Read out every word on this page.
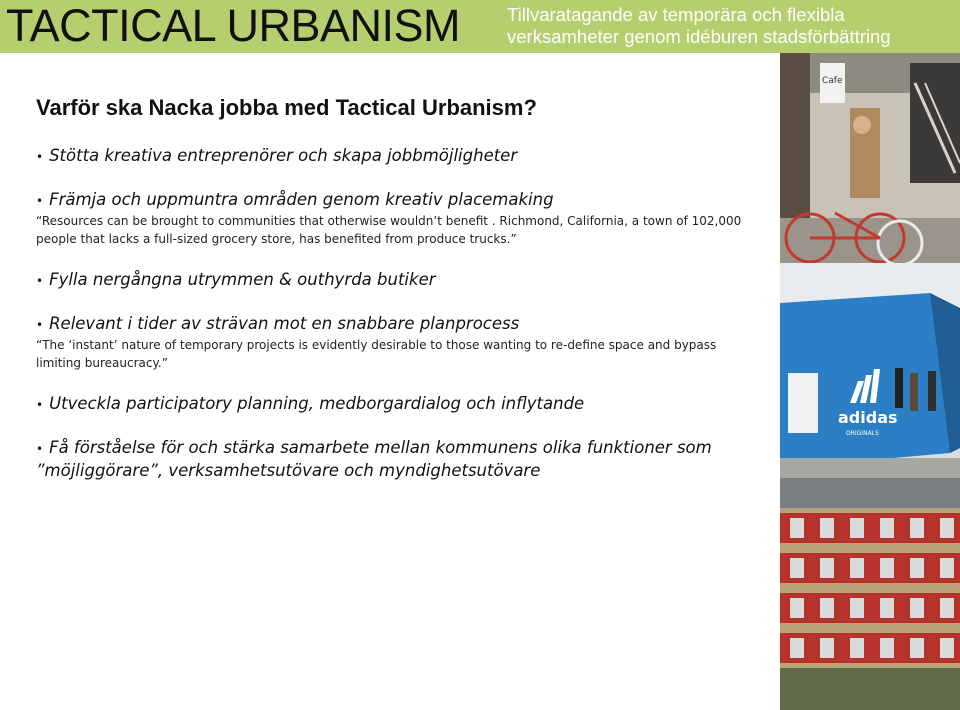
TACTICAL URBANISM	Tillvaratagande av temporära och flexibla
verksamheter genom idéburen stadsförbättring
Varför ska Nacka jobba med Tactical Urbanism?
• Stötta kreativa entreprenörer och skapa jobbmöjligheter
• Främja och uppmuntra områden genom kreativ placemaking
“Resources can be brought to communities that otherwise wouldn’t benefit . Richmond, California, a town of 102,000 people that lacks a full-sized grocery store, has benefited from produce trucks.”
• Fylla nergångna utrymmen & outhyrda butiker
• Relevant i tider av strävan mot en snabbare planprocess
“The ‘instant’ nature of temporary projects is evidently desirable to those wanting to re-define space and bypass limiting bureaucracy.”
• Utveckla participatory planning, medborgardialog och inflytande
• Få förståelse för och stärka samarbete mellan kommunens olika funktioner som ”möjliggörare”, verksamhetsutövare och myndighetsutövare
Cafe
adidas
ORIGINALS
